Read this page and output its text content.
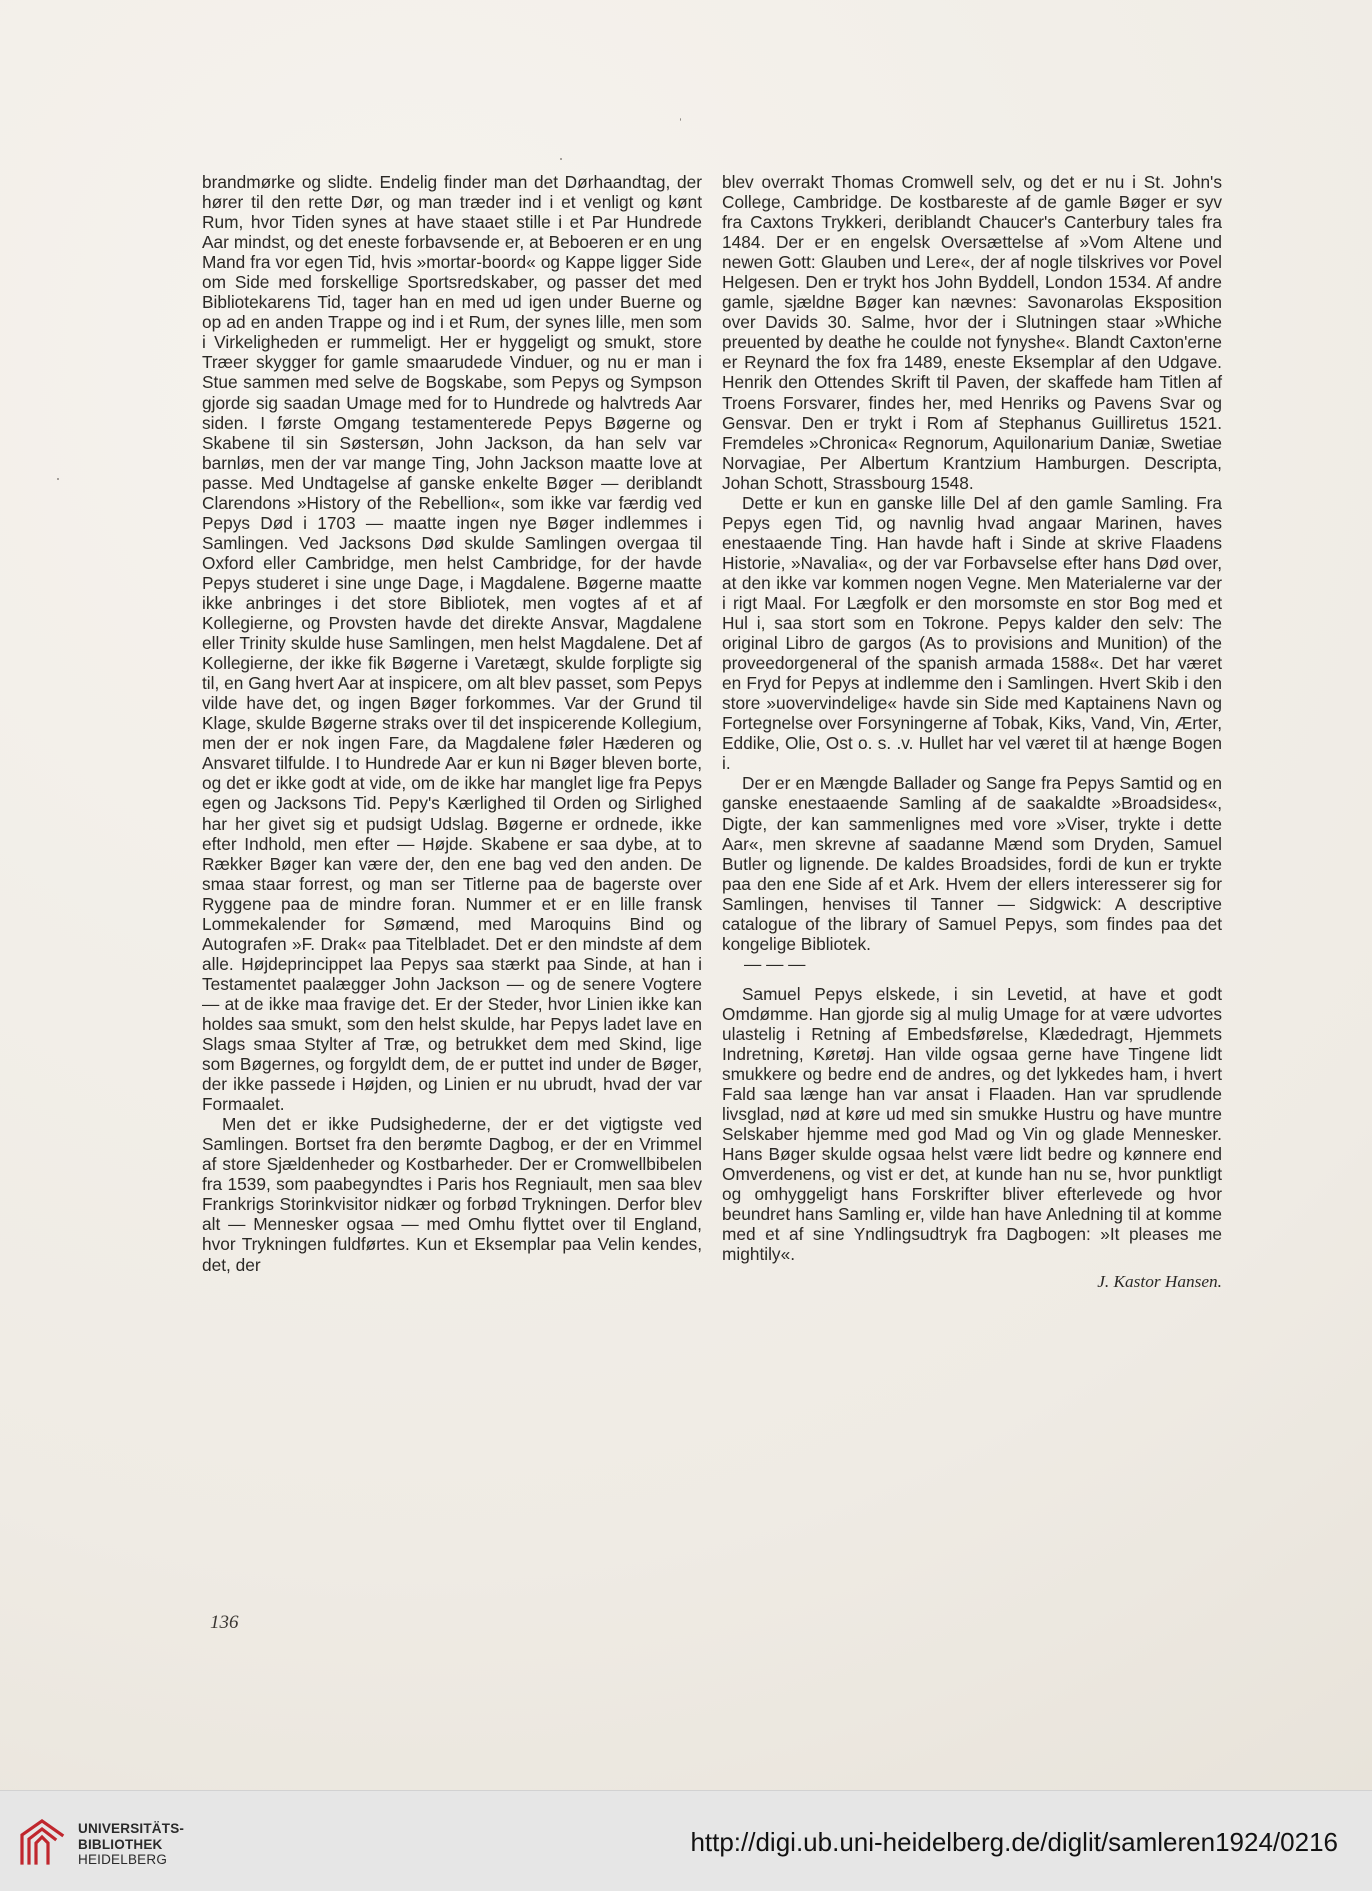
brandmørke og slidte. Endelig finder man det Dørhaandtag, der hører til den rette Dør, og man træder ind i et venligt og kønt Rum, hvor Tiden synes at have staaet stille i et Par Hundrede Aar mindst, og det eneste forbavsende er, at Beboeren er en ung Mand fra vor egen Tid, hvis »mortar-boord« og Kappe ligger Side om Side med forskellige Sportsredskaber, og passer det med Bibliotekarens Tid, tager han en med ud igen under Buerne og op ad en anden Trappe og ind i et Rum, der synes lille, men som i Virkeligheden er rummeligt. Her er hyggeligt og smukt, store Træer skygger for gamle smaarudede Vinduer, og nu er man i Stue sammen med selve de Bogskabe, som Pepys og Sympson gjorde sig saadan Umage med for to Hundrede og halvtreds Aar siden. I første Omgang testamenterede Pepys Bøgerne og Skabene til sin Søstersøn, John Jackson, da han selv var barnløs, men der var mange Ting, John Jackson maatte love at passe. Med Undtagelse af ganske enkelte Bøger — deriblandt Clarendons »History of the Rebellion«, som ikke var færdig ved Pepys Død i 1703 — maatte ingen nye Bøger indlemmes i Samlingen. Ved Jacksons Død skulde Samlingen overgaa til Oxford eller Cambridge, men helst Cambridge, for der havde Pepys studeret i sine unge Dage, i Magdalene. Bøgerne maatte ikke anbringes i det store Bibliotek, men vogtes af et af Kollegierne, og Provsten havde det direkte Ansvar, Magdalene eller Trinity skulde huse Samlingen, men helst Magdalene. Det af Kollegierne, der ikke fik Bøgerne i Varetægt, skulde forpligte sig til, en Gang hvert Aar at inspicere, om alt blev passet, som Pepys vilde have det, og ingen Bøger forkommes. Var der Grund til Klage, skulde Bøgerne straks over til det inspicerende Kollegium, men der er nok ingen Fare, da Magdalene føler Hæderen og Ansvaret tilfulde. I to Hundrede Aar er kun ni Bøger bleven borte, og det er ikke godt at vide, om de ikke har manglet lige fra Pepys egen og Jacksons Tid. Pepy's Kærlighed til Orden og Sirlighed har her givet sig et pudsigt Udslag. Bøgerne er ordnede, ikke efter Indhold, men efter — Højde. Skabene er saa dybe, at to Rækker Bøger kan være der, den ene bag ved den anden. De smaa staar forrest, og man ser Titlerne paa de bagerste over Ryggene paa de mindre foran. Nummer et er en lille fransk Lommekalender for Sømænd, med Maroquins Bind og Autografen »F. Drak« paa Titelbladet. Det er den mindste af dem alle. Højdeprincippet laa Pepys saa stærkt paa Sinde, at han i Testamentet paalægger John Jackson — og de senere Vogtere — at de ikke maa fravige det. Er der Steder, hvor Linien ikke kan holdes saa smukt, som den helst skulde, har Pepys ladet lave en Slags smaa Stylter af Træ, og betrukket dem med Skind, lige som Bøgernes, og forgyldt dem, de er puttet ind under de Bøger, der ikke passede i Højden, og Linien er nu ubrudt, hvad der var Formaalet.

Men det er ikke Pudsighederne, der er det vigtigste ved Samlingen. Bortset fra den berømte Dagbog, er der en Vrimmel af store Sjældenheder og Kostbarheder. Der er Cromwellbibelen fra 1539, som paabegyndtes i Paris hos Regniault, men saa blev Frankrigs Storinkvisitor nidkær og forbød Trykningen. Derfor blev alt — Mennesker ogsaa — med Omhu flyttet over til England, hvor Trykningen fuldførtes. Kun et Eksemplar paa Velin kendes, det, der

blev overrakt Thomas Cromwell selv, og det er nu i St. John's College, Cambridge. De kostbareste af de gamle Bøger er syv fra Caxtons Trykkeri, deriblandt Chaucer's Canterbury tales fra 1484. Der er en engelsk Oversættelse af »Vom Altene und newen Gott: Glauben und Lere«, der af nogle tilskrives vor Povel Helgesen. Den er trykt hos John Byddell, London 1534. Af andre gamle, sjældne Bøger kan nævnes: Savonarolas Eksposition over Davids 30. Salme, hvor der i Slutningen staar »Whiche preuented by deathe he coulde not fynyshe«. Blandt Caxton'erne er Reynard the fox fra 1489, eneste Eksemplar af den Udgave. Henrik den Ottendes Skrift til Paven, der skaffede ham Titlen af Troens Forsvarer, findes her, med Henriks og Pavens Svar og Gensvar. Den er trykt i Rom af Stephanus Guilliretus 1521. Fremdeles »Chronica« Regnorum, Aquilonarium Daniæ, Swetiae Norvagiae, Per Albertum Krantzium Hamburgen. Descripta, Johan Schott, Strassbourg 1548.

Dette er kun en ganske lille Del af den gamle Samling. Fra Pepys egen Tid, og navnlig hvad angaar Marinen, haves enestaaende Ting. Han havde haft i Sinde at skrive Flaadens Historie, »Navalia«, og der var Forbavselse efter hans Død over, at den ikke var kommen nogen Vegne. Men Materialerne var der i rigt Maal. For Lægfolk er den morsomste en stor Bog med et Hul i, saa stort som en Tokrone. Pepys kalder den selv: The original Libro de gargos (As to provisions and Munition) of the proveedorgeneral of the spanish armada 1588«. Det har været en Fryd for Pepys at indlemme den i Samlingen. Hvert Skib i den store »uovervindelige« havde sin Side med Kaptainens Navn og Fortegnelse over Forsyningerne af Tobak, Kiks, Vand, Vin, Ærter, Eddike, Olie, Ost o. s. .v. Hullet har vel været til at hænge Bogen i.

Der er en Mængde Ballader og Sange fra Pepys Samtid og en ganske enestaaende Samling af de saakaldte »Broadsides«, Digte, der kan sammenlignes med vore »Viser, trykte i dette Aar«, men skrevne af saadanne Mænd som Dryden, Samuel Butler og lignende. De kaldes Broadsides, fordi de kun er trykte paa den ene Side af et Ark. Hvem der ellers interesserer sig for Samlingen, henvises til Tanner — Sidgwick: A descriptive catalogue of the library of Samuel Pepys, som findes paa det kongelige Bibliotek.

— — —

Samuel Pepys elskede, i sin Levetid, at have et godt Omdømme. Han gjorde sig al mulig Umage for at være udvortes ulastelig i Retning af Embedsførelse, Klædedragt, Hjemmets Indretning, Køretøj. Han vilde ogsaa gerne have Tingene lidt smukkere og bedre end de andres, og det lykkedes ham, i hvert Fald saa længe han var ansat i Flaaden. Han var sprudlende livsglad, nød at køre ud med sin smukke Hustru og have muntre Selskaber hjemme med god Mad og Vin og glade Mennesker. Hans Bøger skulde ogsaa helst være lidt bedre og kønnere end Omverdenens, og vist er det, at kunde han nu se, hvor punktligt og omhyggeligt hans Forskrifter bliver efterlevede og hvor beundret hans Samling er, vilde han have Anledning til at komme med et af sine Yndlingsudtryk fra Dagbogen: »It pleases me mightily«.

J. Kastor Hansen.

136
UNIVERSITÄTS-
BIBLIOTHEK
HEIDELBERG
http://digi.ub.uni-heidelberg.de/diglit/samleren1924/0216
